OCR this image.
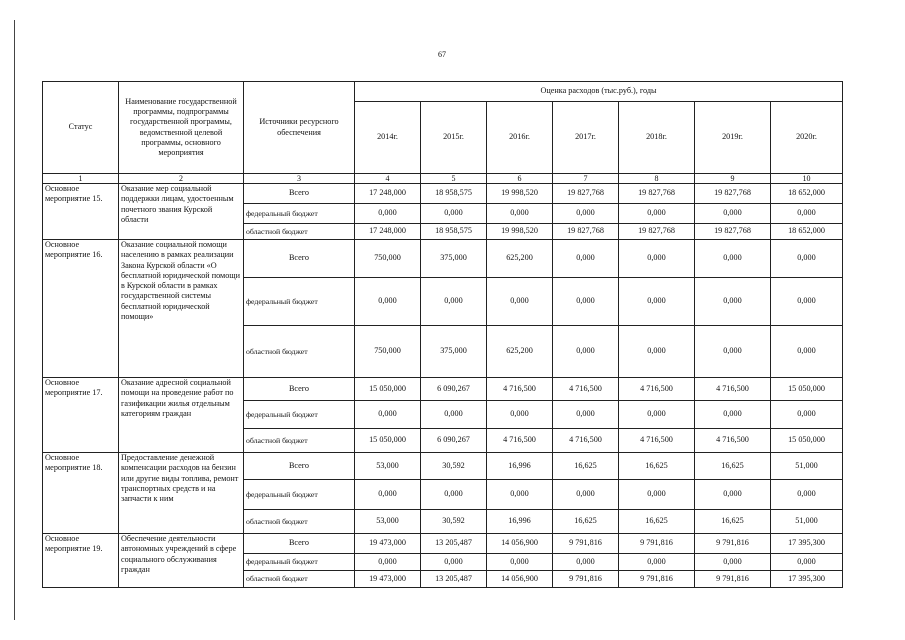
67
Статус	Наименование государственной программы, подпрограммы государственной программы, ведомственной целевой программы, основного мероприятия	Источники ресурсного обеспечения	Оценка расходов (тыс.руб.), годы						
			2014г.	2015г.	2016г.	2017г.	2018г.	2019г.	2020г.
1	2	3	4	5	6	7	8	9	10
Основное мероприятие 15.	Оказание мер социальной поддержки лицам, удостоенным почетного звания Курской области	Всего	17 248,000	18 958,575	19 998,520	19 827,768	19 827,768	19 827,768	18 652,000
		федеральный бюджет	0,000	0,000	0,000	0,000	0,000	0,000	0,000
		областной бюджет	17 248,000	18 958,575	19 998,520	19 827,768	19 827,768	19 827,768	18 652,000
Основное мероприятие 16.	Оказание социальной помощи населению в рамках реализации Закона Курской области «О бесплатной юридической помощи в Курской области в рамках государственной системы бесплатной юридической помощи»	Всего	750,000	375,000	625,200	0,000	0,000	0,000	0,000
		федеральный бюджет	0,000	0,000	0,000	0,000	0,000	0,000	0,000
		областной бюджет	750,000	375,000	625,200	0,000	0,000	0,000	0,000
Основное мероприятие 17.	Оказание адресной социальной помощи на проведение работ по газификации жилья отдельным категориям граждан	Всего	15 050,000	6 090,267	4 716,500	4 716,500	4 716,500	4 716,500	15 050,000
		федеральный бюджет	0,000	0,000	0,000	0,000	0,000	0,000	0,000
		областной бюджет	15 050,000	6 090,267	4 716,500	4 716,500	4 716,500	4 716,500	15 050,000
Основное мероприятие 18.	Предоставление денежной компенсации расходов на бензин или другие виды топлива, ремонт транспортных средств и на запчасти к ним	Всего	53,000	30,592	16,996	16,625	16,625	16,625	51,000
		федеральный бюджет	0,000	0,000	0,000	0,000	0,000	0,000	0,000
		областной бюджет	53,000	30,592	16,996	16,625	16,625	16,625	51,000
Основное мероприятие 19.	Обеспечение деятельности автономных учреждений в сфере социального обслуживания граждан	Всего	19 473,000	13 205,487	14 056,900	9 791,816	9 791,816	9 791,816	17 395,300
		федеральный бюджет	0,000	0,000	0,000	0,000	0,000	0,000	0,000
		областной бюджет	19 473,000	13 205,487	14 056,900	9 791,816	9 791,816	9 791,816	17 395,300
